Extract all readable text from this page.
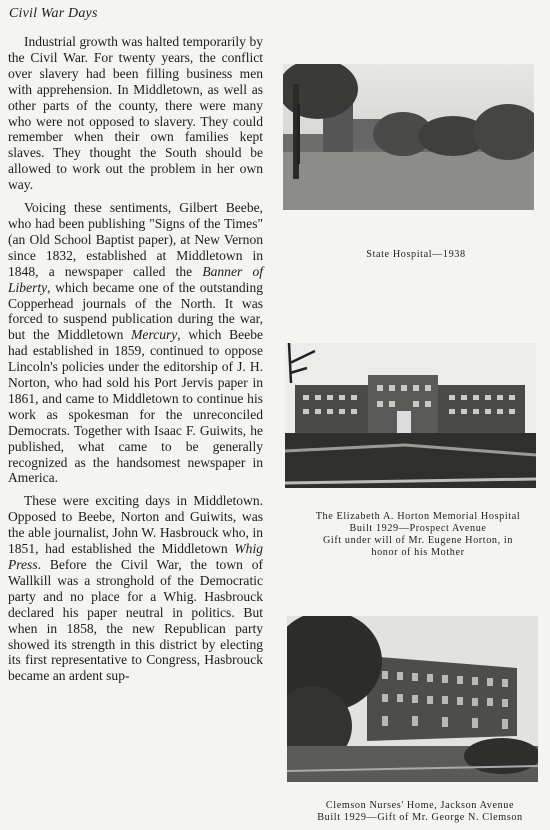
Civil War Days

Industrial growth was halted temporarily by the Civil War. For twenty years, the conflict over slavery had been filling business men with apprehension. In Middletown, as well as other parts of the county, there were many who were not opposed to slavery. They could remember when their own families kept slaves. They thought the South should be allowed to work out the problem in her own way.

Voicing these sentiments, Gilbert Beebe, who had been publishing "Signs of the Times" (an Old School Baptist paper), at New Vernon since 1832, established at Middletown in 1848, a newspaper called the Banner of Liberty, which became one of the outstanding Copperhead journals of the North. It was forced to suspend publication during the war, but the Middletown Mercury, which Beebe had established in 1859, continued to oppose Lincoln's policies under the editorship of J. H. Norton, who had sold his Port Jervis paper in 1861, and came to Middletown to continue his work as spokesman for the unreconciled Democrats. Together with Isaac F. Guiwits, he published, what came to be generally recognized as the handsomest newspaper in America.

These were exciting days in Middletown. Opposed to Beebe, Norton and Guiwits, was the able journalist, John W. Hasbrouck who, in 1851, had established the Middletown Whig Press. Before the Civil War, the town of Wallkill was a stronghold of the Democratic party and no place for a Whig. Hasbrouck declared his paper neutral in politics. But when in 1858, the new Republican party showed its strength in this district by electing its first representative to Congress, Hasbrouck became an ardent sup-

State Hospital—1938
The Elizabeth A. Horton Memorial Hospital
Built 1929—Prospect Avenue
Gift under will of Mr. Eugene Horton, in
honor of his Mother
Clemson Nurses' Home, Jackson Avenue
Built 1929—Gift of Mr. George N. Clemson
